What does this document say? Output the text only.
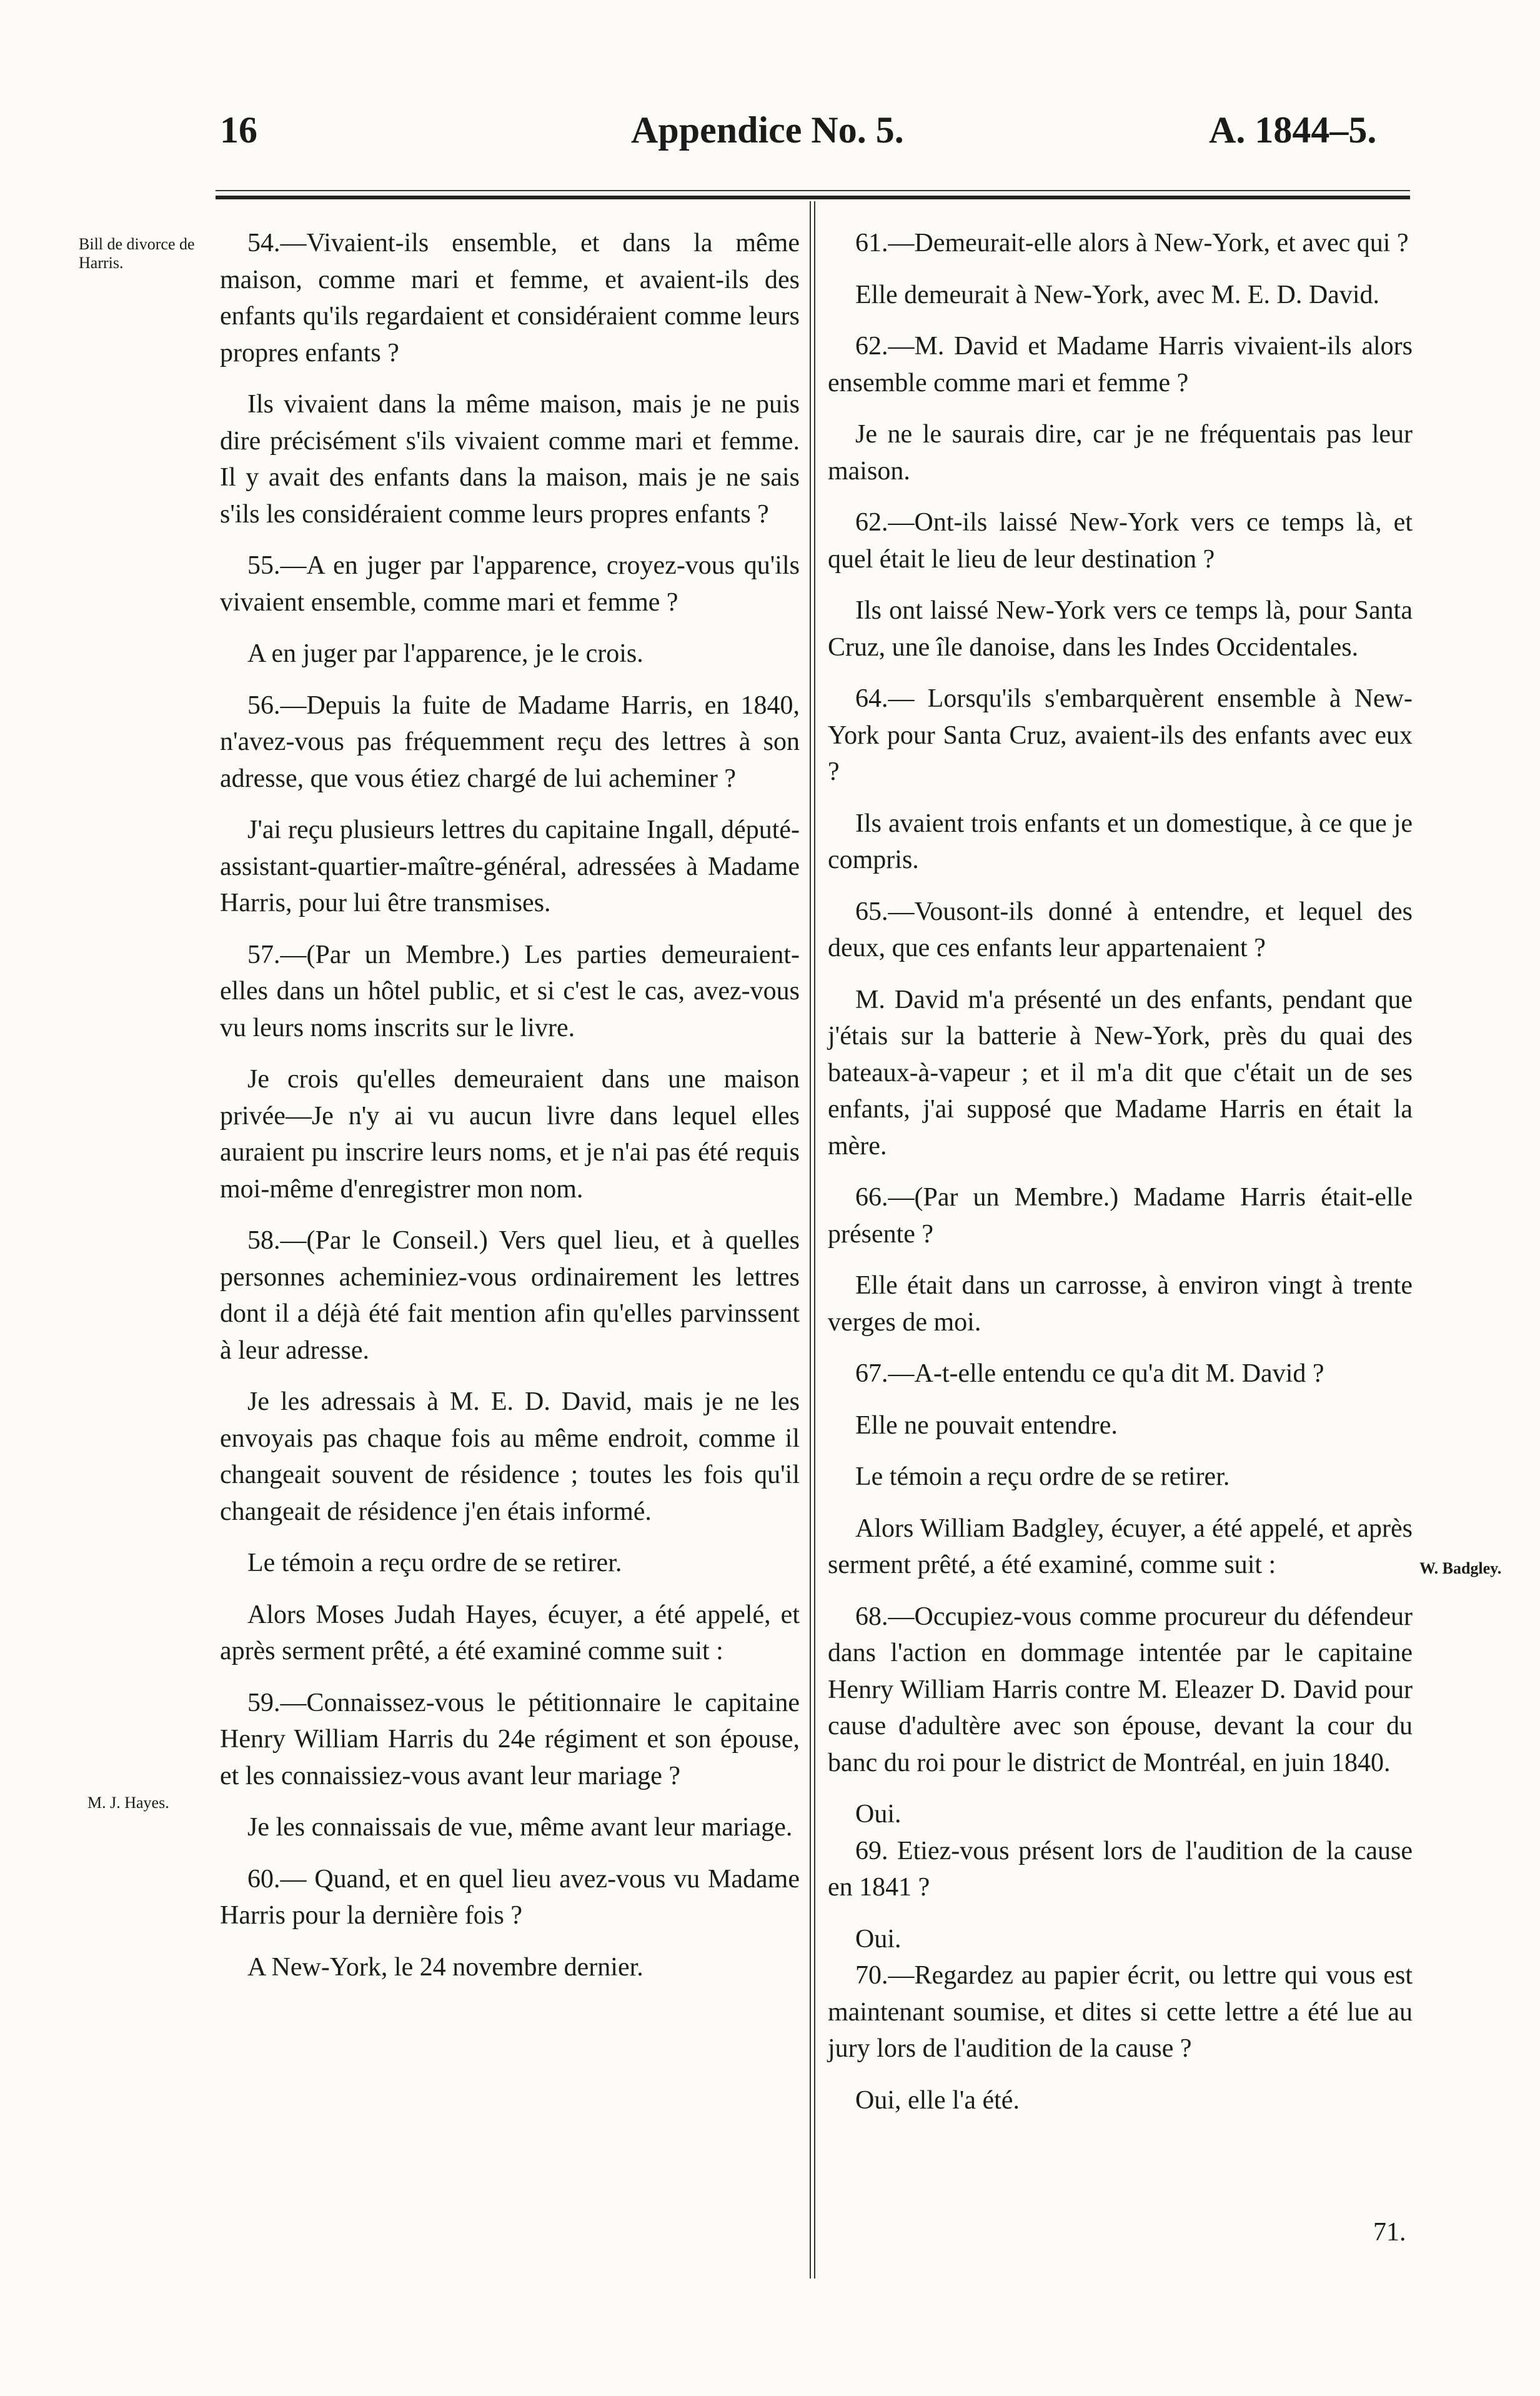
16	Appendice No. 5.	A. 1844–5.
Bill de divorce de Harris.
M. J. Hayes.
W. Badgley.

54.—Vivaient-ils ensemble, et dans la même maison, comme mari et femme, et avaient-ils des enfants qu'ils regardaient et considéraient comme leurs propres enfants ?

Ils vivaient dans la même maison, mais je ne puis dire précisément s'ils vivaient comme mari et femme. Il y avait des enfants dans la maison, mais je ne sais s'ils les considéraient comme leurs propres enfants ?

55.—A en juger par l'apparence, croyez-vous qu'ils vivaient ensemble, comme mari et femme ?

A en juger par l'apparence, je le crois.

56.—Depuis la fuite de Madame Harris, en 1840, n'avez-vous pas fréquemment reçu des lettres à son adresse, que vous étiez chargé de lui acheminer ?

J'ai reçu plusieurs lettres du capitaine Ingall, député-assistant-quartier-maître-général, adressées à Madame Harris, pour lui être transmises.

57.—(Par un Membre.) Les parties demeuraient-elles dans un hôtel public, et si c'est le cas, avez-vous vu leurs noms inscrits sur le livre.

Je crois qu'elles demeuraient dans une maison privée—Je n'y ai vu aucun livre dans lequel elles auraient pu inscrire leurs noms, et je n'ai pas été requis moi-même d'enregistrer mon nom.

58.—(Par le Conseil.) Vers quel lieu, et à quelles personnes acheminiez-vous ordinairement les lettres dont il a déjà été fait mention afin qu'elles parvinssent à leur adresse.

Je les adressais à M. E. D. David, mais je ne les envoyais pas chaque fois au même endroit, comme il changeait souvent de résidence ; toutes les fois qu'il changeait de résidence j'en étais informé.

Le témoin a reçu ordre de se retirer.

Alors Moses Judah Hayes, écuyer, a été appelé, et après serment prêté, a été examiné comme suit :

59.—Connaissez-vous le pétitionnaire le capitaine Henry William Harris du 24e régiment et son épouse, et les connaissiez-vous avant leur mariage ?

Je les connaissais de vue, même avant leur mariage.

60.— Quand, et en quel lieu avez-vous vu Madame Harris pour la dernière fois ?

A New-York, le 24 novembre dernier.

61.—Demeurait-elle alors à New-York, et avec qui ?

Elle demeurait à New-York, avec M. E. D. David.

62.—M. David et Madame Harris vivaient-ils alors ensemble comme mari et femme ?

Je ne le saurais dire, car je ne fréquentais pas leur maison.

62.—Ont-ils laissé New-York vers ce temps là, et quel était le lieu de leur destination ?

Ils ont laissé New-York vers ce temps là, pour Santa Cruz, une île danoise, dans les Indes Occidentales.

64.— Lorsqu'ils s'embarquèrent ensemble à New-York pour Santa Cruz, avaient-ils des enfants avec eux ?

Ils avaient trois enfants et un domestique, à ce que je compris.

65.—Vousont-ils donné à entendre, et lequel des deux, que ces enfants leur appartenaient ?

M. David m'a présenté un des enfants, pendant que j'étais sur la batterie à New-York, près du quai des bateaux-à-vapeur ; et il m'a dit que c'était un de ses enfants, j'ai supposé que Madame Harris en était la mère.

66.—(Par un Membre.) Madame Harris était-elle présente ?

Elle était dans un carrosse, à environ vingt à trente verges de moi.

67.—A-t-elle entendu ce qu'a dit M. David ?

Elle ne pouvait entendre.

Le témoin a reçu ordre de se retirer.

Alors William Badgley, écuyer, a été appelé, et après serment prêté, a été examiné, comme suit :

68.—Occupiez-vous comme procureur du défendeur dans l'action en dommage intentée par le capitaine Henry William Harris contre M. Eleazer D. David pour cause d'adultère avec son épouse, devant la cour du banc du roi pour le district de Montréal, en juin 1840.

Oui.

69. Etiez-vous présent lors de l'audition de la cause en 1841 ?

Oui.

70.—Regardez au papier écrit, ou lettre qui vous est maintenant soumise, et dites si cette lettre a été lue au jury lors de l'audition de la cause ?

Oui, elle l'a été.

71.
